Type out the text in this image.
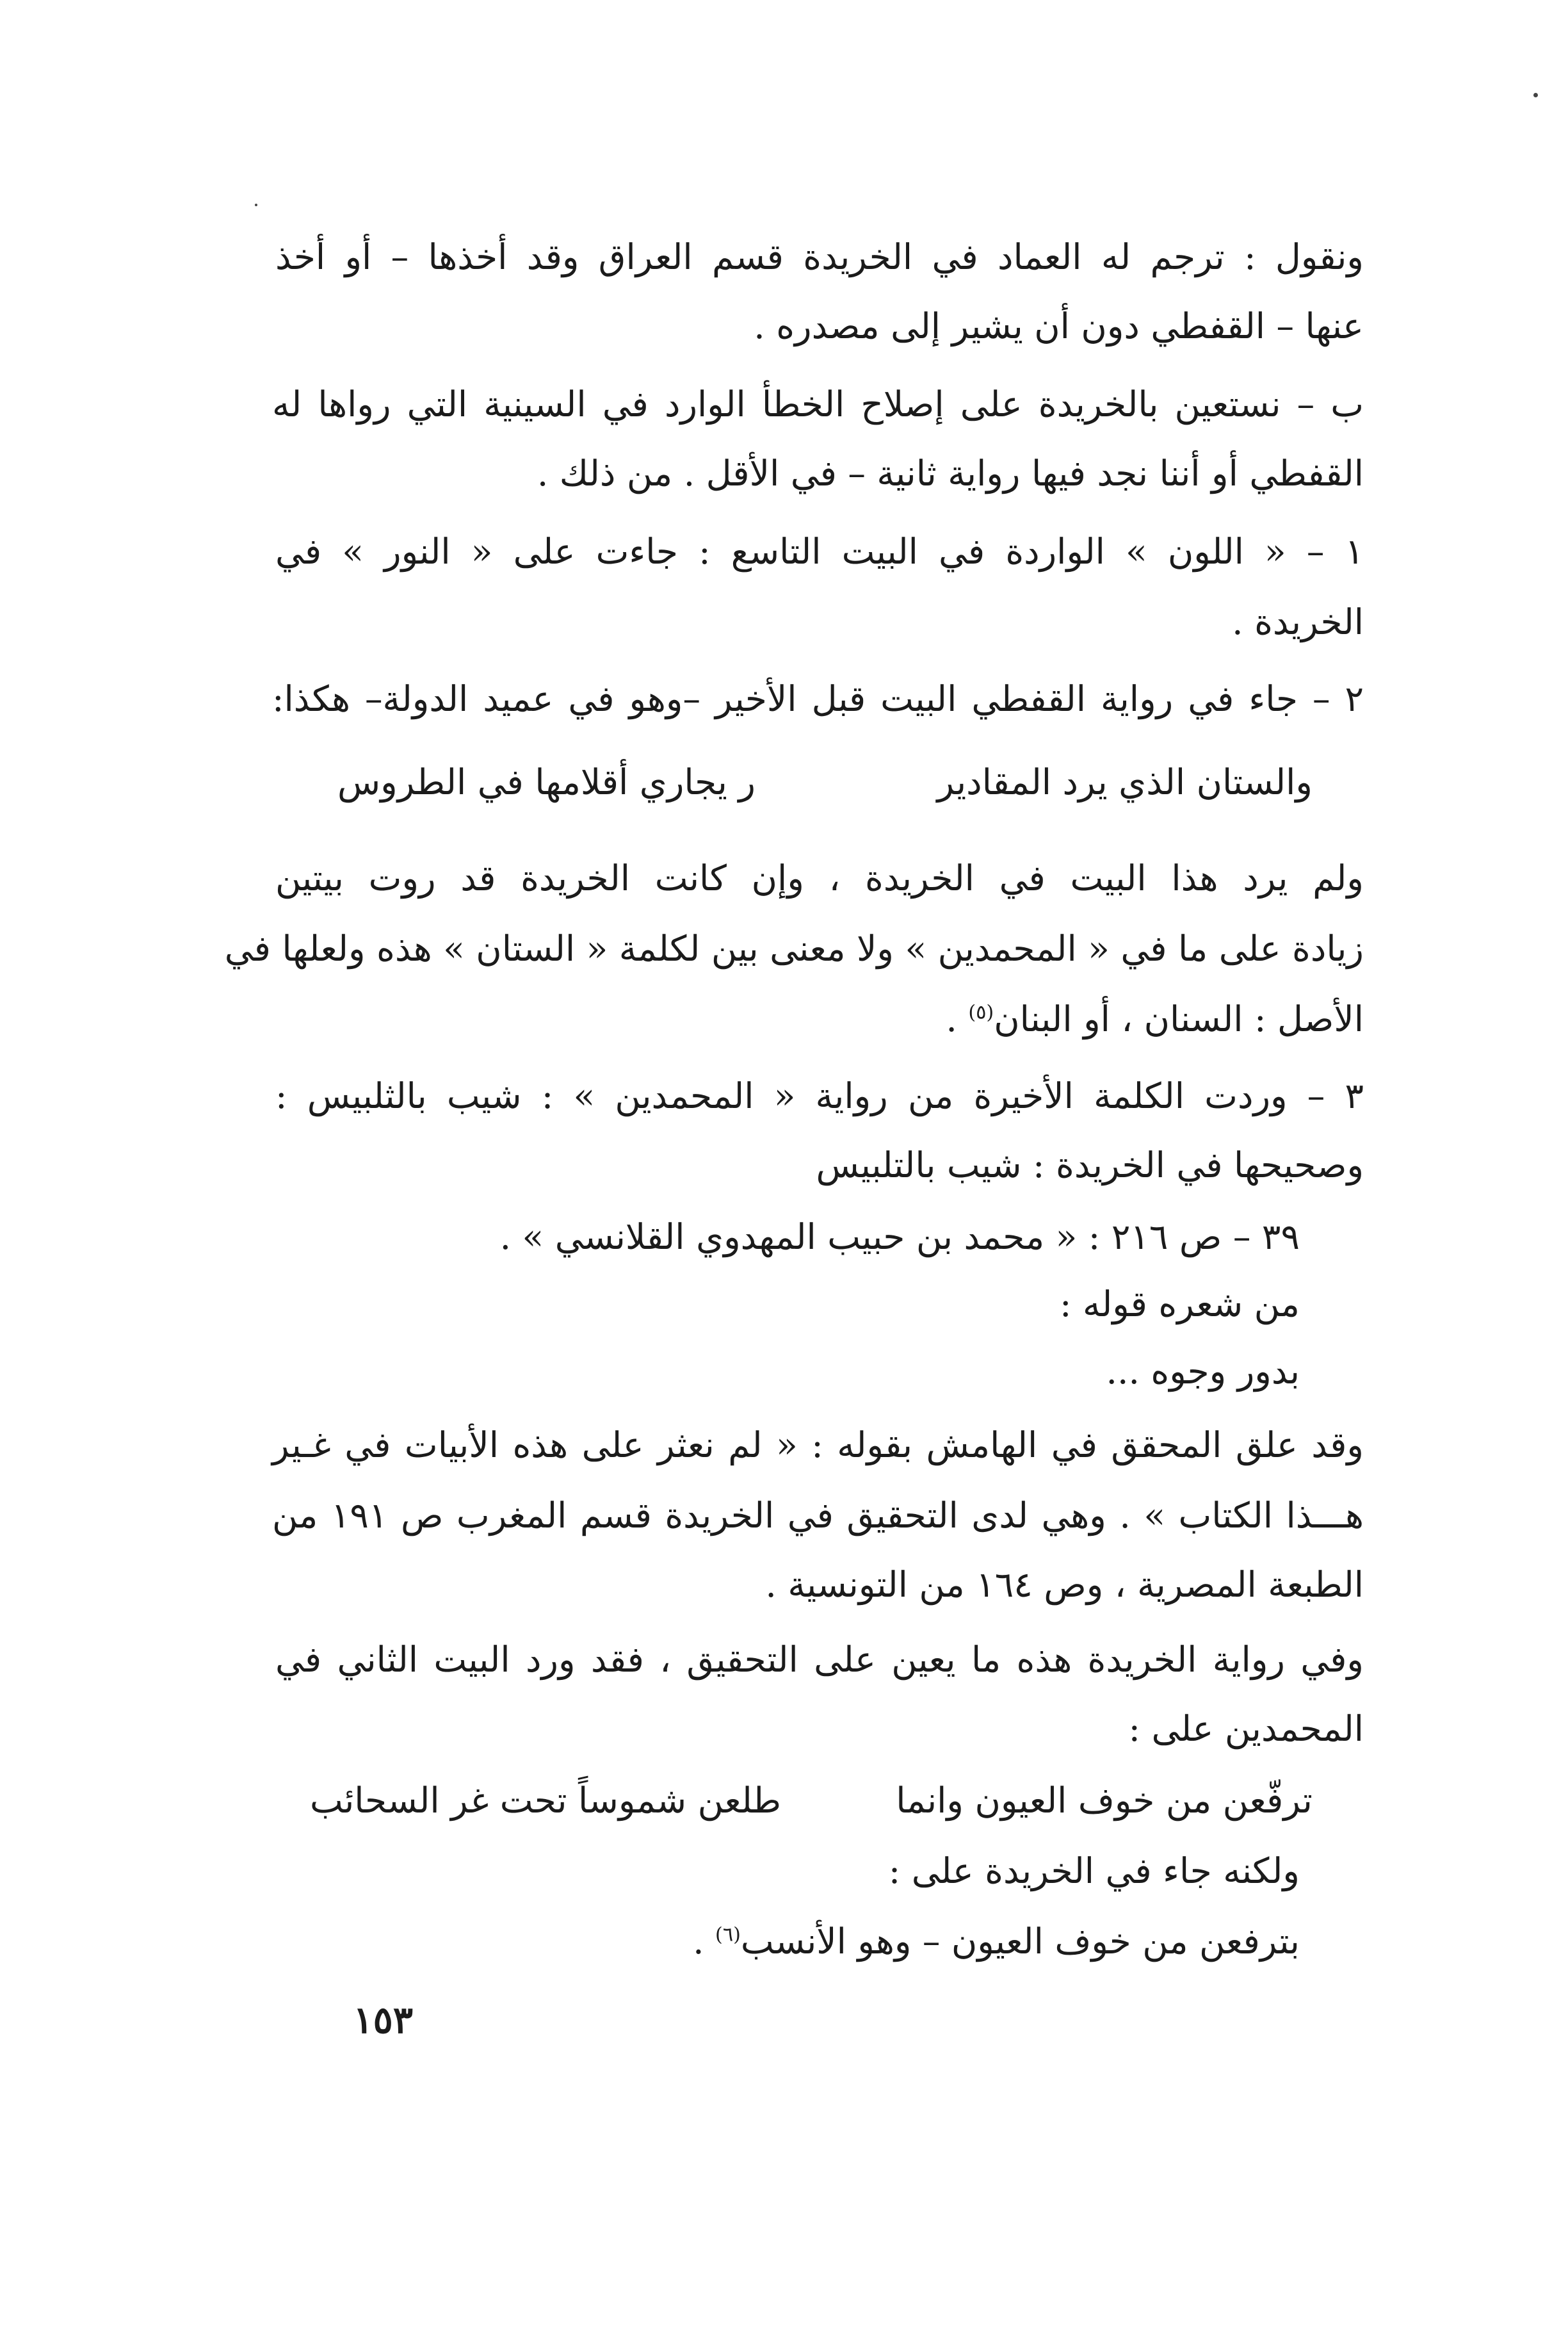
ونقول : ترجم له العماد في الخريدة قسم العراق وقد أخذها – أو أخذ
عنها – القفطي دون أن يشير إلى مصدره .
ب – نستعين بالخريدة على إصلاح الخطأ الوارد في السينية التي رواها له
القفطي أو أننا نجد فيها رواية ثانية – في الأقل . من ذلك .
١ – « اللون » الواردة في البيت التاسع : جاءت على « النور » في
الخريدة .
٢ – جاء في رواية القفطي البيت قبل الأخير –وهو في عميد الدولة– هكذا:
والستان الذي يرد المقادير
ر يجاري أقلامها في الطروس
ولم يرد هذا البيت في الخريدة ، وإن كانت الخريدة قد روت بيتين
زيادة على ما في « المحمدين » ولا معنى بين لكلمة « الستان » هذه ولعلها في
الأصل : السنان ، أو البنان$^{(٥)}$ .
٣ – وردت الكلمة الأخيرة من رواية « المحمدين » : شيب بالثلبيس :
وصحيحها في الخريدة : شيب بالتلبيس
٣٩ – ص ٢١٦ : « محمد بن حبيب المهدوي القلانسي » .
من شعره قوله :
بدور وجوه ...
وقد علق المحقق في الهامش بقوله : « لم نعثر على هذه الأبيات في غـير
هـــذا الكتاب » . وهي لدى التحقيق في الخريدة قسم المغرب ص ١٩١ من
الطبعة المصرية ، وص ١٦٤ من التونسية .
وفي رواية الخريدة هذه ما يعين على التحقيق ، فقد ورد البيت الثاني في
المحمدين على :
ترفّعن من خوف العيون وانما
طلعن شموساً تحت غر السحائب
ولكنه جاء في الخريدة على :
بترفعن من خوف العيون – وهو الأنسب$^{(٦)}$ .
١٥٣
